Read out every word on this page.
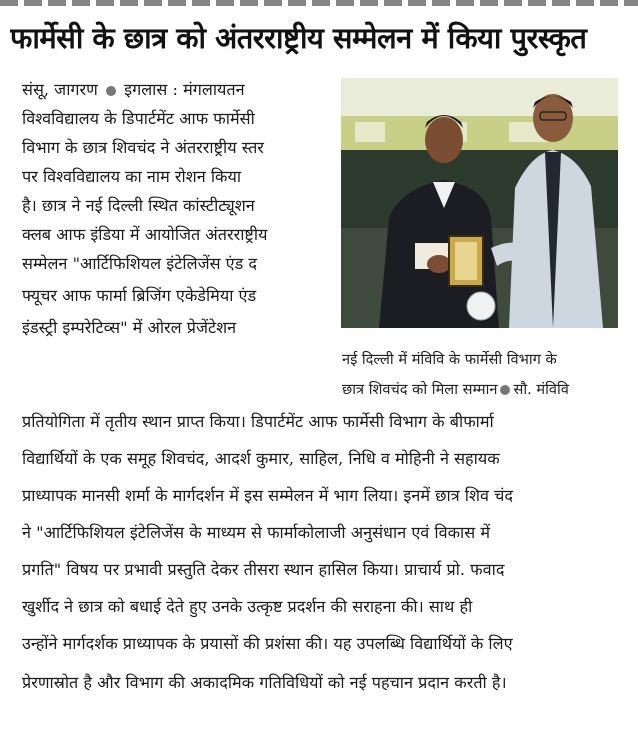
फार्मेसी के छात्र को अंतरराष्ट्रीय सम्मेलन में किया पुरस्कृत
संसू, जागरण इगलास : मंगलायतन
विश्वविद्यालय के डिपार्टमेंट आफ फार्मेसी
विभाग के छात्र शिवचंद ने अंतरराष्ट्रीय स्तर
पर विश्वविद्यालय का नाम रोशन किया
है। छात्र ने नई दिल्ली स्थित कांस्टीट्यूशन
क्लब आफ इंडिया में आयोजित अंतरराष्ट्रीय
सम्मेलन "आर्टिफिशियल इंटेलिजेंस एंड द
फ्यूचर आफ फार्मा ब्रिजिंग एकेडेमिया एंड
इंडस्ट्री इम्परेटिव्स" में ओरल प्रेजेंटेशन
नई दिल्ली में मंविवि के फार्मेसी विभाग के
छात्र शिवचंद को मिला सम्मान सौ. मंविवि
प्रतियोगिता में तृतीय स्थान प्राप्त किया। डिपार्टमेंट आफ फार्मेसी विभाग के बीफार्मा
विद्यार्थियों के एक समूह शिवचंद, आदर्श कुमार, साहिल, निधि व मोहिनी ने सहायक
प्राध्यापक मानसी शर्मा के मार्गदर्शन में इस सम्मेलन में भाग लिया। इनमें छात्र शिव चंद
ने "आर्टिफिशियल इंटेलिजेंस के माध्यम से फार्माकोलाजी अनुसंधान एवं विकास में
प्रगति" विषय पर प्रभावी प्रस्तुति देकर तीसरा स्थान हासिल किया। प्राचार्य प्रो. फवाद
खुर्शीद ने छात्र को बधाई देते हुए उनके उत्कृष्ट प्रदर्शन की सराहना की। साथ ही
उन्होंने मार्गदर्शक प्राध्यापक के प्रयासों की प्रशंसा की। यह उपलब्धि विद्यार्थियों के लिए
प्रेरणास्रोत है और विभाग की अकादमिक गतिविधियों को नई पहचान प्रदान करती है।
